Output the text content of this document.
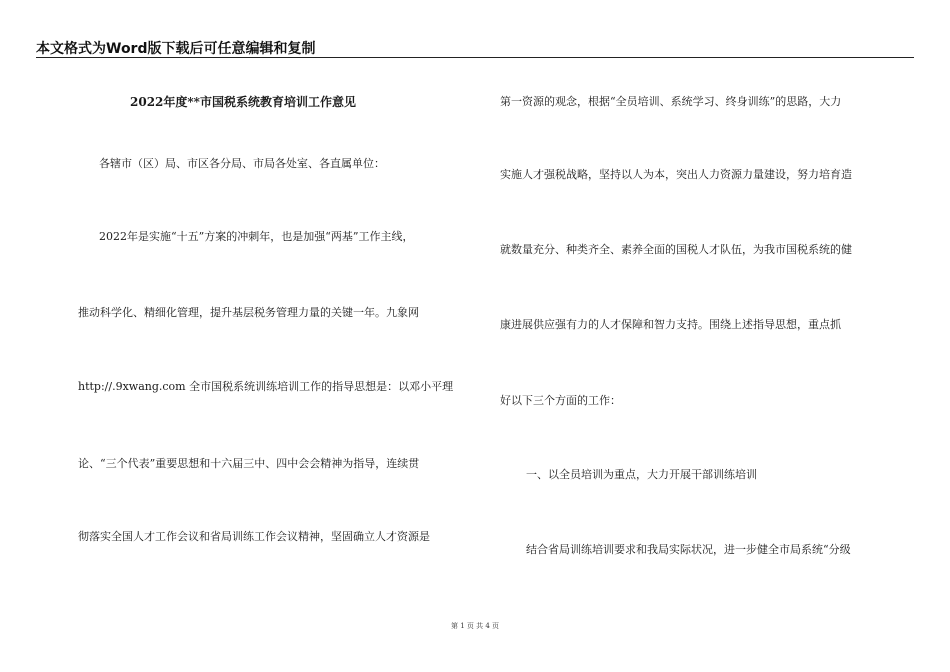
本文格式为Word版下载后可任意编辑和复制
2022年度**市国税系统教育培训工作意见
各辖市（区）局、市区各分局、市局各处室、各直属单位：
2022年是实施“十五”方案的冲刺年，也是加强“两基”工作主线，
推动科学化、精细化管理，提升基层税务管理力量的关键一年。九象网
http://.9xwang.com 全市国税系统训练培训工作的指导思想是：以邓小平理
论、“三个代表”重要思想和十六届三中、四中会会精神为指导，连续贯
彻落实全国人才工作会议和省局训练工作会议精神，坚固确立人才资源是
第一资源的观念，根据“全员培训、系统学习、终身训练”的思路，大力
实施人才强税战略，坚持以人为本，突出人力资源力量建设，努力培育造
就数量充分、种类齐全、素养全面的国税人才队伍，为我市国税系统的健
康进展供应强有力的人才保障和智力支持。围绕上述指导思想，重点抓
好以下三个方面的工作：
一、以全员培训为重点，大力开展干部训练培训
结合省局训练培训要求和我局实际状况，进一步健全市局系统“分级
第 1 页 共 4 页
